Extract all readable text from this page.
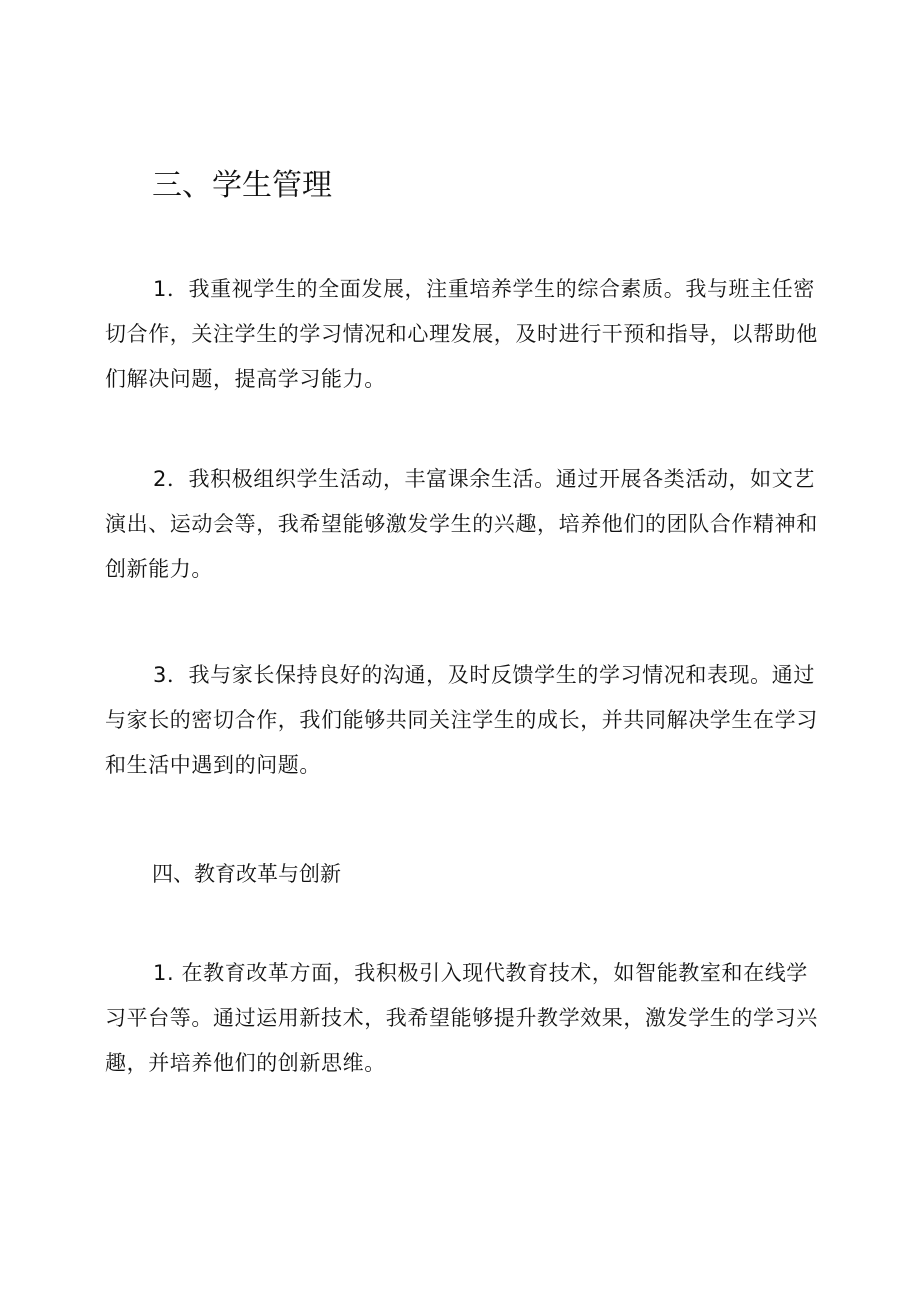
三、学生管理

1．我重视学生的全面发展，注重培养学生的综合素质。我与班主任密切合作，关注学生的学习情况和心理发展，及时进行干预和指导，以帮助他们解决问题，提高学习能力。

2．我积极组织学生活动，丰富课余生活。通过开展各类活动，如文艺演出、运动会等，我希望能够激发学生的兴趣，培养他们的团队合作精神和创新能力。

3．我与家长保持良好的沟通，及时反馈学生的学习情况和表现。通过与家长的密切合作，我们能够共同关注学生的成长，并共同解决学生在学习和生活中遇到的问题。

四、教育改革与创新

1. 在教育改革方面，我积极引入现代教育技术，如智能教室和在线学习平台等。通过运用新技术，我希望能够提升教学效果，激发学生的学习兴趣，并培养他们的创新思维。
